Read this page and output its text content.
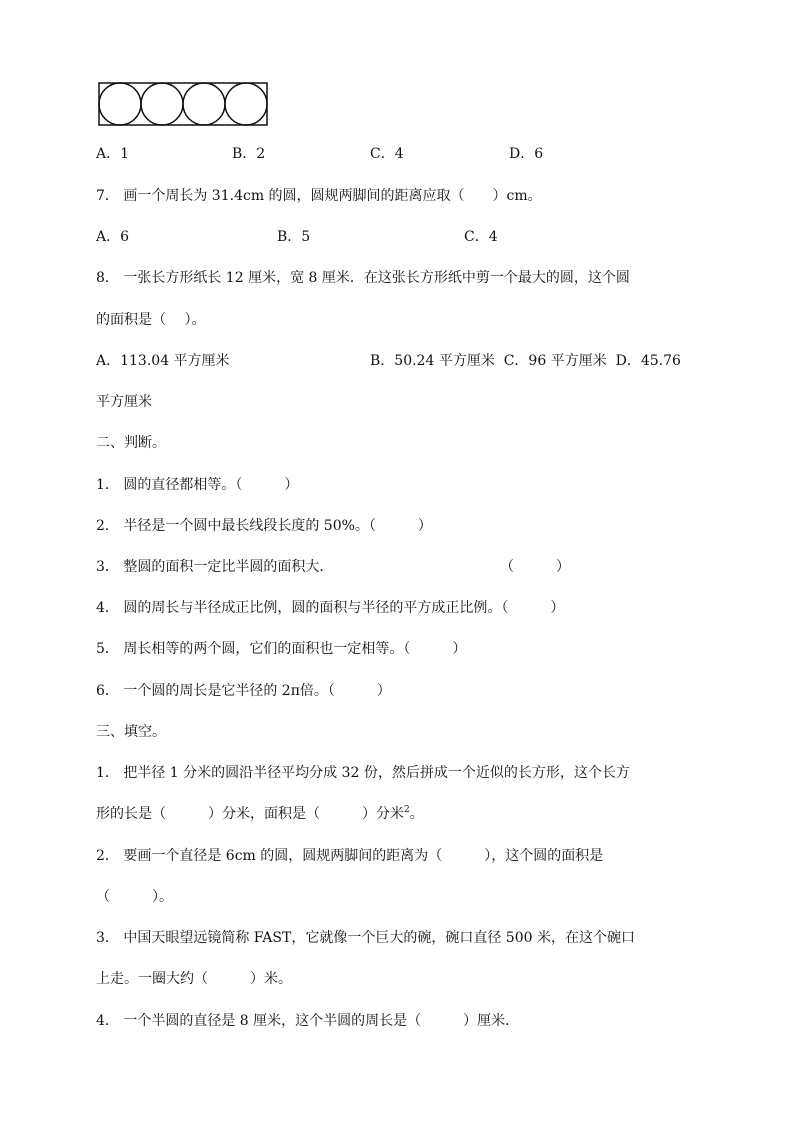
A．1	B．2	C．4	D．6
7． 画一个周长为 31.4cm 的圆，圆规两脚间的距离应取（　　）cm。
A．6	B．5	C．4
8． 一张长方形纸长 12 厘米，宽 8 厘米．在这张长方形纸中剪一个最大的圆，这个圆
的面积是（　 ）。
A．113.04 平方厘米	B．50.24 平方厘米  C．96 平方厘米  D．45.76
平方厘米
二、判断。
1． 圆的直径都相等。（　　　）
2． 半径是一个圆中最长线段长度的 50%。（　　　）
3． 整圆的面积一定比半圆的面积大．	（　　　）
4． 圆的周长与半径成正比例，圆的面积与半径的平方成正比例。（　　　）
5． 周长相等的两个圆，它们的面积也一定相等。（　　　）
6． 一个圆的周长是它半径的 2π倍。（　　　）
三、填空。
1． 把半径 1 分米的圆沿半径平均分成 32 份，然后拼成一个近似的长方形，这个长方
形的长是（　　　）分米，面积是（　　　）分米$^2$。
2． 要画一个直径是 6cm 的圆，圆规两脚间的距离为（　　　），这个圆的面积是
（　　　）。
3． 中国天眼望远镜简称 FAST，它就像一个巨大的碗，碗口直径 500 米，在这个碗口
上走。一圈大约（　　　）米。
4． 一个半圆的直径是 8 厘米，这个半圆的周长是（　　　）厘米．
